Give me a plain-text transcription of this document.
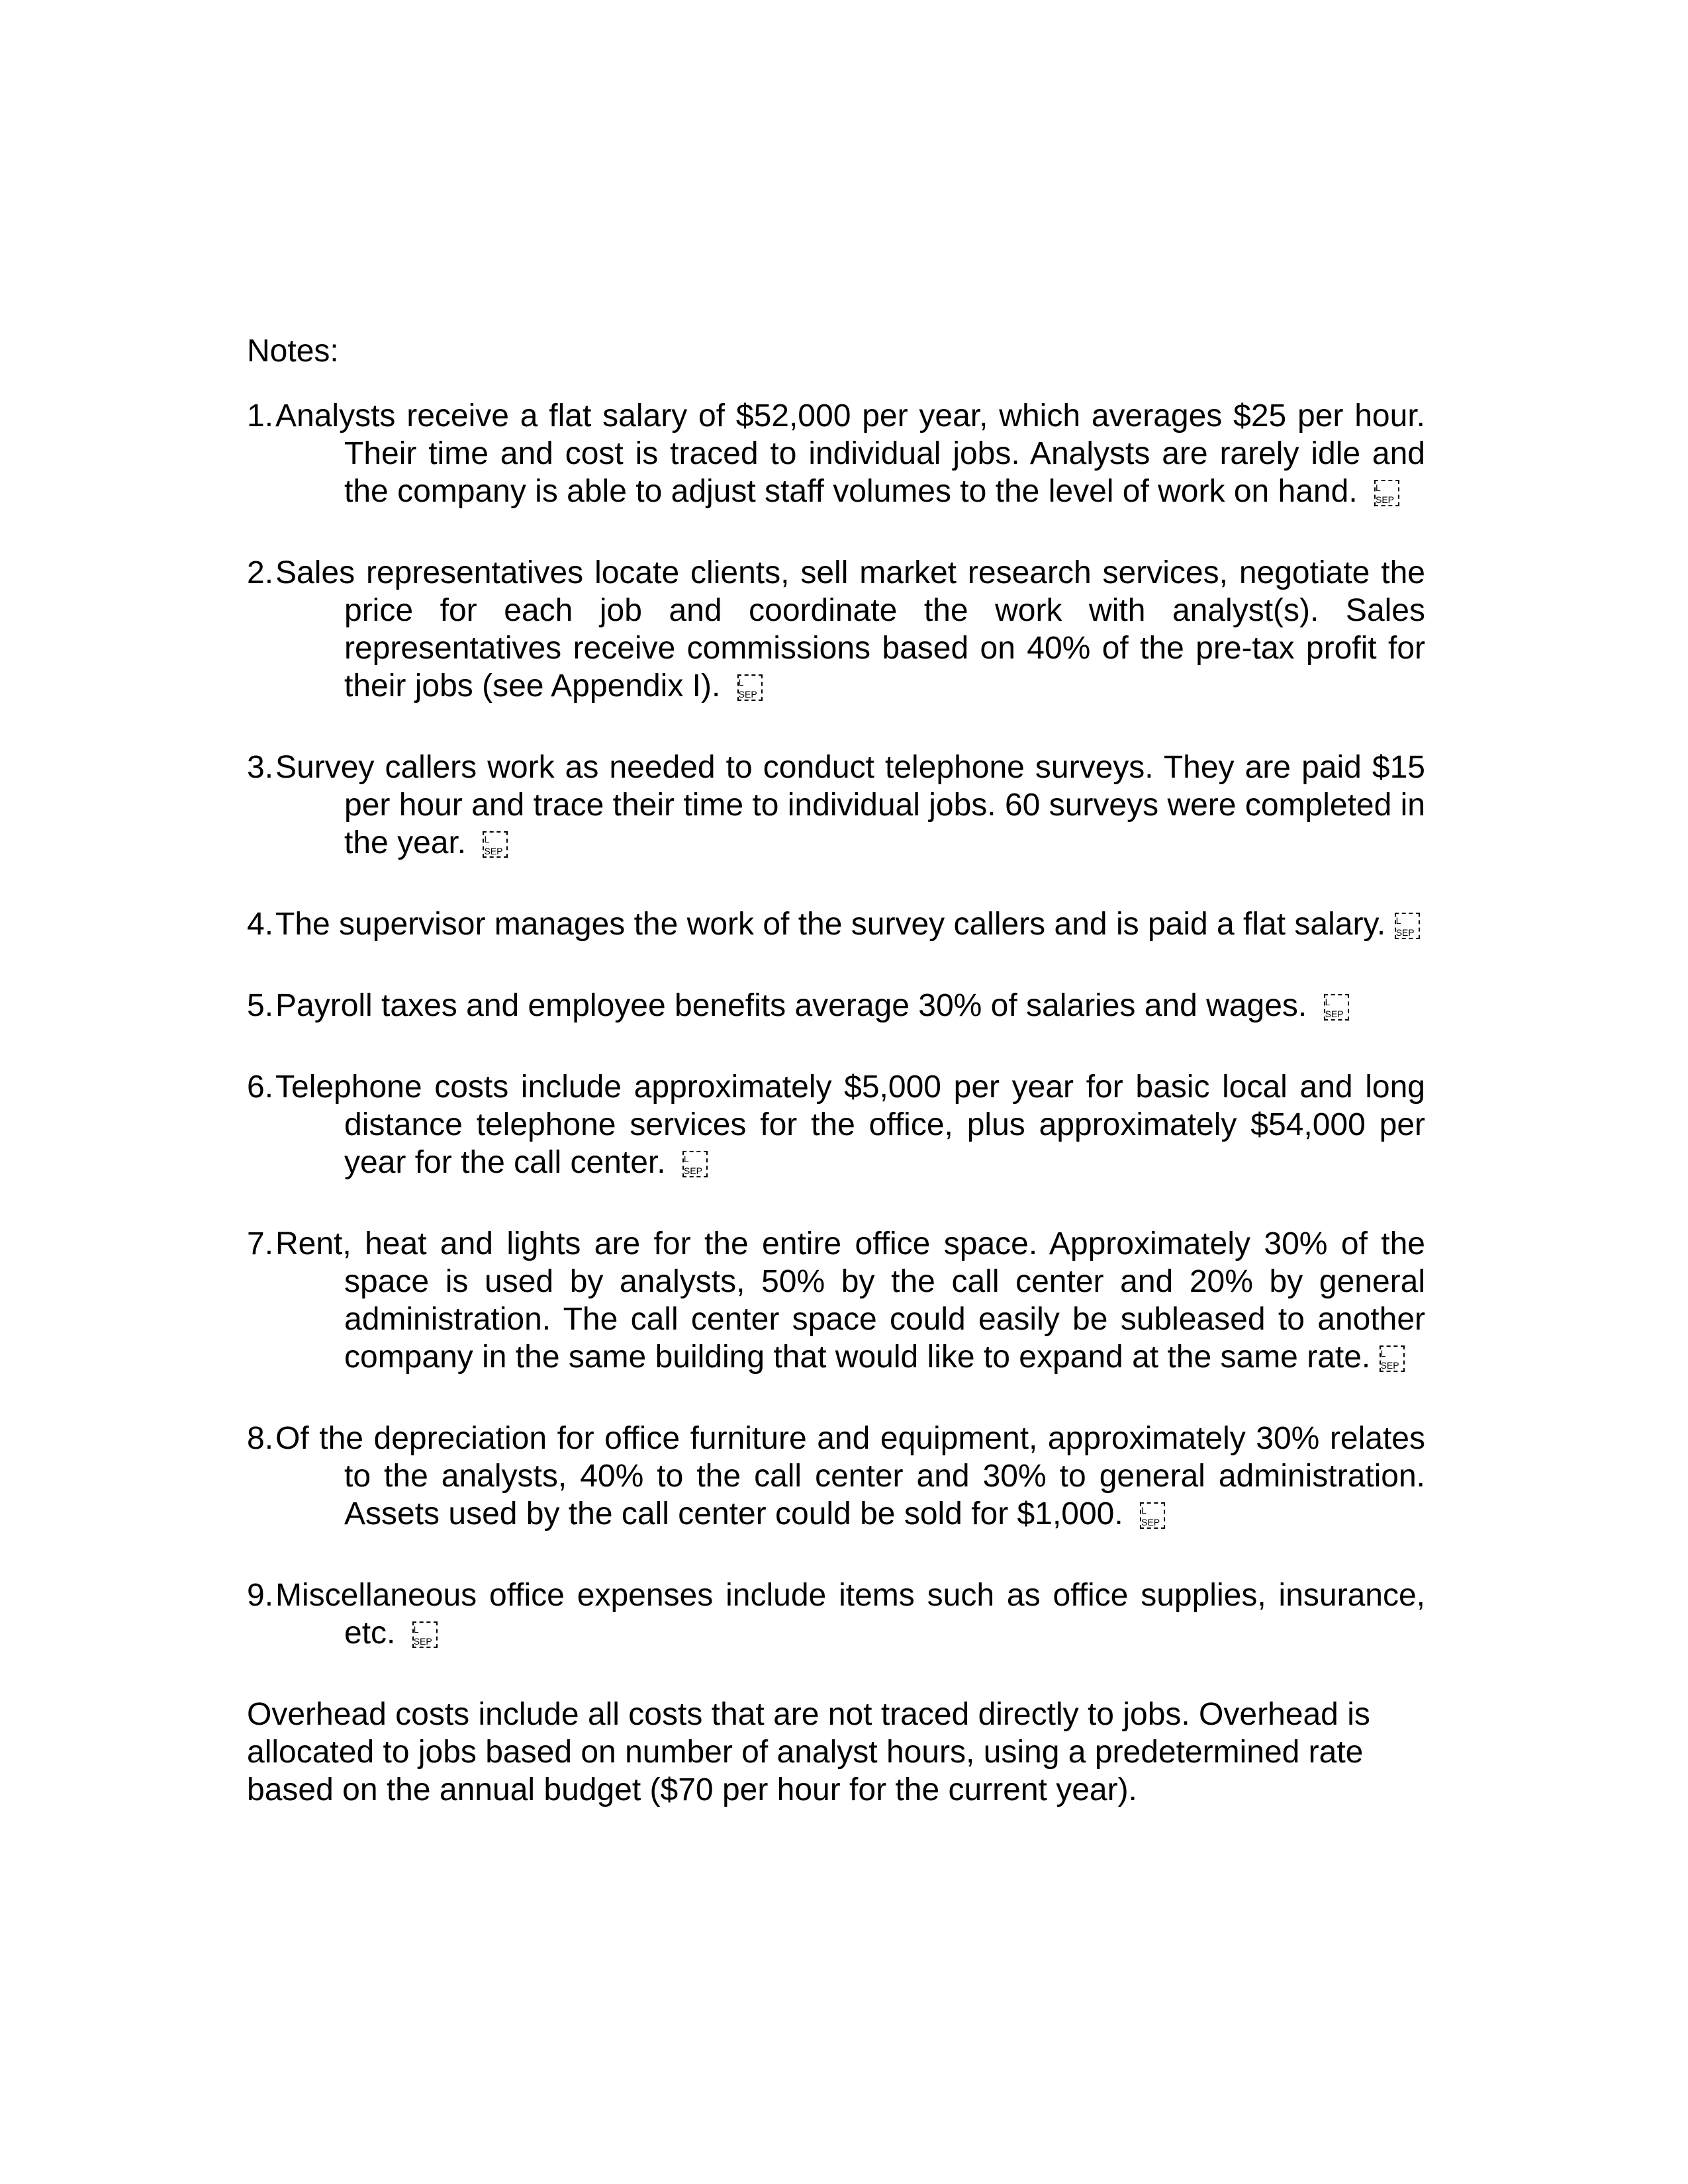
Notes:
1. Analysts receive a flat salary of $52,000 per year, which averages $25 per hour. Their time and cost is traced to individual jobs. Analysts are rarely idle and the company is able to adjust staff volumes to the level of work on hand. L
SEP
2. Sales representatives locate clients, sell market research services, negotiate the price for each job and coordinate the work with analyst(s). Sales representatives receive commissions based on 40% of the pre-tax profit for their jobs (see Appendix I). L
SEP
3. Survey callers work as needed to conduct telephone surveys. They are paid $15 per hour and trace their time to individual jobs. 60 surveys were completed in the year. L
SEP
4. The supervisor manages the work of the survey callers and is paid a flat salary. L
SEP
5. Payroll taxes and employee benefits average 30% of salaries and wages. L
SEP
6. Telephone costs include approximately $5,000 per year for basic local and long distance telephone services for the office, plus approximately $54,000 per year for the call center. L
SEP
7. Rent, heat and lights are for the entire office space. Approximately 30% of the space is used by analysts, 50% by the call center and 20% by general administration. The call center space could easily be subleased to another company in the same building that would like to expand at the same rate. L
SEP
8. Of the depreciation for office furniture and equipment, approximately 30% relates to the analysts, 40% to the call center and 30% to general administration. Assets used by the call center could be sold for $1,000. L
SEP
9. Miscellaneous office expenses include items such as office supplies, insurance, etc. L
SEP
Overhead costs include all costs that are not traced directly to jobs. Overhead is allocated to jobs based on number of analyst hours, using a predetermined rate based on the annual budget ($70 per hour for the current year).
